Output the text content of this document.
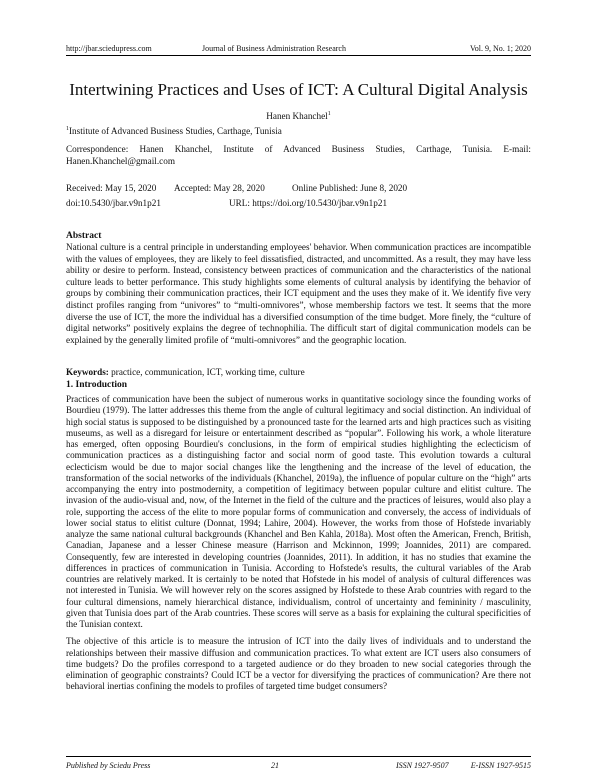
http://jbar.sciedupress.com	Journal of Business Administration Research	Vol. 9, No. 1; 2020
Intertwining Practices and Uses of ICT: A Cultural Digital Analysis
Hanen Khanchel$^1$
$^1$Institute of Advanced Business Studies, Carthage, Tunisia
Correspondence: Hanen Khanchel, Institute of Advanced Business Studies, Carthage, Tunisia. E-mail:
Hanen.Khanchel@gmail.com
Received: May 15, 2020 Accepted: May 28, 2020	Online Published: June 8, 2020
doi:10.5430/jbar.v9n1p21	URL: https://doi.org/10.5430/jbar.v9n1p21
Abstract

National culture is a central principle in understanding employees' behavior. When communication practices are incompatible with the values of employees, they are likely to feel dissatisfied, distracted, and uncommitted. As a result, they may have less ability or desire to perform. Instead, consistency between practices of communication and the characteristics of the national culture leads to better performance. This study highlights some elements of cultural analysis by identifying the behavior of groups by combining their communication practices, their ICT equipment and the uses they make of it. We identify five very distinct profiles ranging from “univores” to “multi-omnivores”, whose membership factors we test. It seems that the more diverse the use of ICT, the more the individual has a diversified consumption of the time budget. More finely, the “culture of digital networks” positively explains the degree of technophilia. The difficult start of digital communication models can be explained by the generally limited profile of “multi-omnivores” and the geographic location.

Keywords: practice, communication, ICT, working time, culture
1. Introduction

Practices of communication have been the subject of numerous works in quantitative sociology since the founding works of Bourdieu (1979). The latter addresses this theme from the angle of cultural legitimacy and social distinction. An individual of high social status is supposed to be distinguished by a pronounced taste for the learned arts and high practices such as visiting museums, as well as a disregard for leisure or entertainment described as “popular”. Following his work, a whole literature has emerged, often opposing Bourdieu's conclusions, in the form of empirical studies highlighting the eclecticism of communication practices as a distinguishing factor and social norm of good taste. This evolution towards a cultural eclecticism would be due to major social changes like the lengthening and the increase of the level of education, the transformation of the social networks of the individuals (Khanchel, 2019a), the influence of popular culture on the “high” arts accompanying the entry into postmodernity, a competition of legitimacy between popular culture and elitist culture. The invasion of the audio-visual and, now, of the Internet in the field of the culture and the practices of leisures, would also play a role, supporting the access of the elite to more popular forms of communication and conversely, the access of individuals of lower social status to elitist culture (Donnat, 1994; Lahire, 2004). However, the works from those of Hofstede invariably analyze the same national cultural backgrounds (Khanchel and Ben Kahla, 2018a). Most often the American, French, British, Canadian, Japanese and a lesser Chinese measure (Harrison and Mckinnon, 1999; Joannides, 2011) are compared. Consequently, few are interested in developing countries (Joannides, 2011). In addition, it has no studies that examine the differences in practices of communication in Tunisia. According to Hofstede's results, the cultural variables of the Arab countries are relatively marked. It is certainly to be noted that Hofstede in his model of analysis of cultural differences was not interested in Tunisia. We will however rely on the scores assigned by Hofstede to these Arab countries with regard to the four cultural dimensions, namely hierarchical distance, individualism, control of uncertainty and femininity / masculinity, given that Tunisia does part of the Arab countries. These scores will serve as a basis for explaining the cultural specificities of the Tunisian context.

The objective of this article is to measure the intrusion of ICT into the daily lives of individuals and to understand the relationships between their massive diffusion and communication practices. To what extent are ICT users also consumers of time budgets? Do the profiles correspond to a targeted audience or do they broaden to new social categories through the elimination of geographic constraints? Could ICT be a vector for diversifying the practices of communication? Are there not behavioral inertias confining the models to profiles of targeted time budget consumers?

Published by Sciedu Press	21	ISSN 1927-9507	E-ISSN 1927-9515
